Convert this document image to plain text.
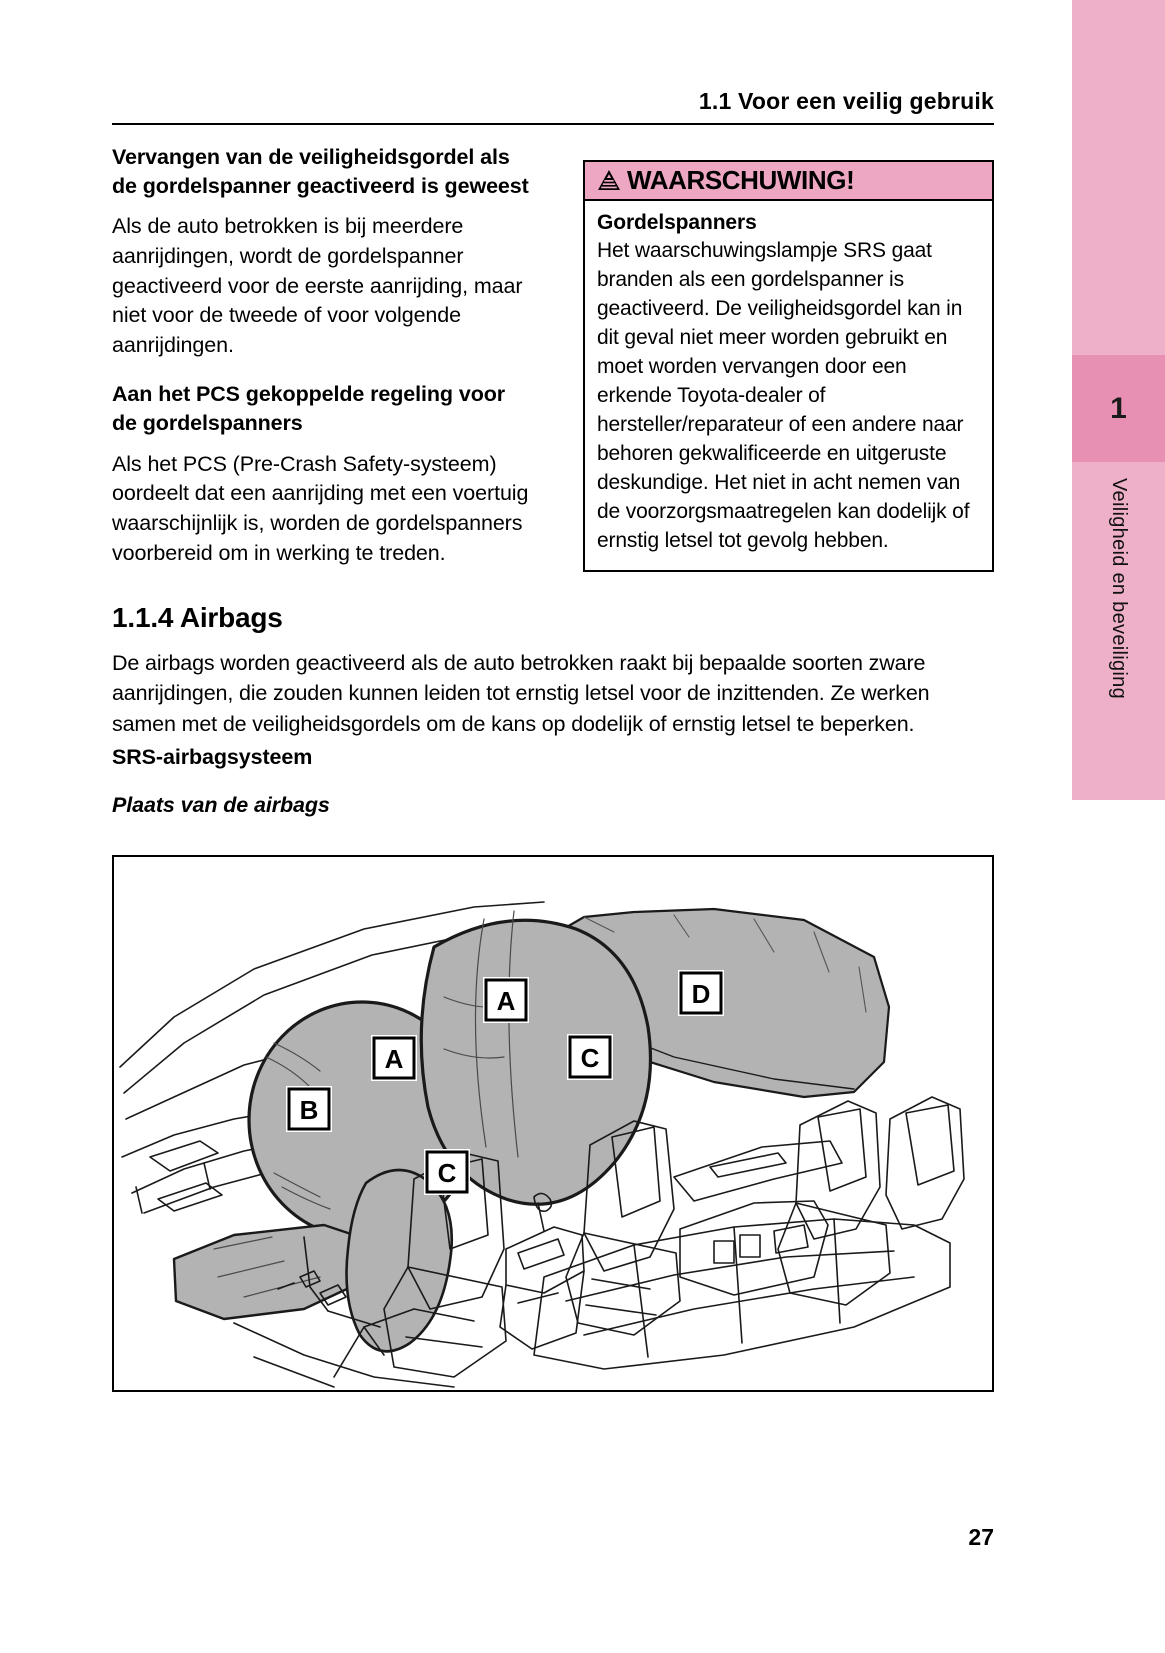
1
Veiligheid en beveiliging
1.1 Voor een veilig gebruik
Vervangen van de veiligheidsgordel als de gordelspanner geactiveerd is geweest

Als de auto betrokken is bij meerdere aanrijdingen, wordt de gordelspanner geactiveerd voor de eerste aanrijding, maar niet voor de tweede of voor volgende aanrijdingen.

Aan het PCS gekoppelde regeling voor de gordelspanners

Als het PCS (Pre-Crash Safety-systeem) oordeelt dat een aanrijding met een voertuig waarschijnlijk is, worden de gordelspanners voorbereid om in werking te treden.

WAARSCHUWING!
Gordelspanners

Het waarschuwingslampje SRS gaat branden als een gordelspanner is geactiveerd. De veiligheidsgordel kan in dit geval niet meer worden gebruikt en moet worden vervangen door een erkende Toyota-dealer of hersteller/reparateur of een andere naar behoren gekwalificeerde en uitgeruste deskundige. Het niet in acht nemen van de voorzorgsmaatregelen kan dodelijk of ernstig letsel tot gevolg hebben.

1.1.4 Airbags
De airbags worden geactiveerd als de auto betrokken raakt bij bepaalde soorten zware aanrijdingen, die zouden kunnen leiden tot ernstig letsel voor de inzittenden. Ze werken samen met de veiligheidsgordels om de kans op dodelijk of ernstig letsel te beperken.
SRS-airbagsysteem
Plaats van de airbags
A
A
B
C
C
D
27
